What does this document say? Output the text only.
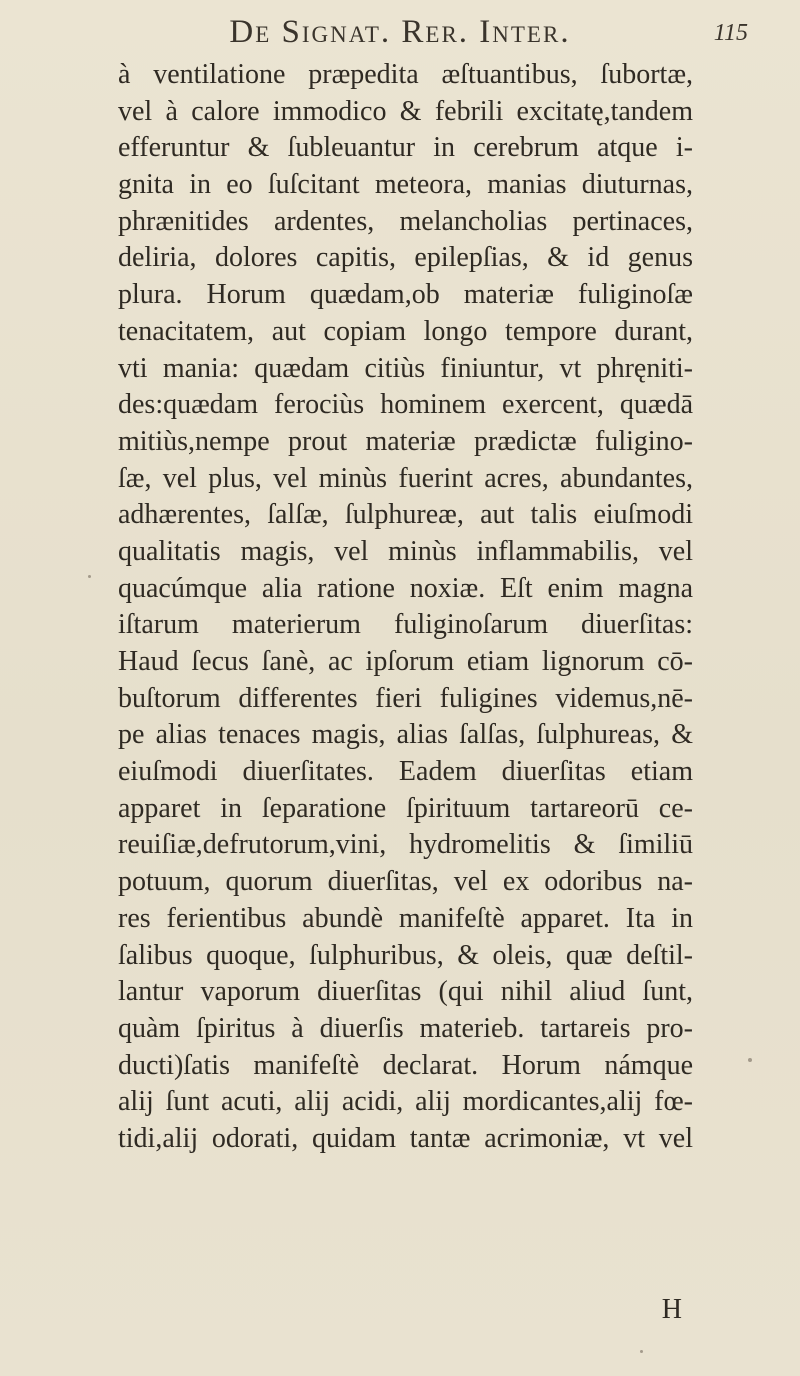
De Signat. Rer. Inter.	115
à ventilatione præpedita æſtuantibus, ſubortæ,
vel à calore immodico & febrili excitatę,tandem
efferuntur & ſubleuantur in cerebrum atque i-
gnita in eo ſuſcitant meteora, manias diuturnas,
phrænitides ardentes, melancholias pertinaces,
deliria, dolores capitis, epilepſias, & id genus
plura. Horum quædam,ob materiæ fuliginoſæ
tenacitatem, aut copiam longo tempore durant,
vti mania: quædam citiùs finiuntur, vt phręniti-
des:quædam ferociùs hominem exercent, quædā
mitiùs,nempe prout materiæ prædictæ fuligino-
ſæ, vel plus, vel minùs fuerint acres, abundantes,
adhærentes, ſalſæ, ſulphureæ, aut talis eiuſmodi
qualitatis magis, vel minùs inflammabilis, vel
quacúmque alia ratione noxiæ. Eſt enim magna
iſtarum materierum fuliginoſarum diuerſitas:
Haud ſecus ſanè, ac ipſorum etiam lignorum cō-
buſtorum differentes fieri fuligines videmus,nē-
pe alias tenaces magis, alias ſalſas, ſulphureas, &
eiuſmodi diuerſitates. Eadem diuerſitas etiam
apparet in ſeparatione ſpirituum tartareorū ce-
reuiſiæ,defrutorum,vini, hydromelitis & ſimiliū
potuum, quorum diuerſitas, vel ex odoribus na-
res ferientibus abundè manifeſtè apparet. Ita in
ſalibus quoque, ſulphuribus, & oleis, quæ deſtil-
lantur vaporum diuerſitas (qui nihil aliud ſunt,
quàm ſpiritus à diuerſis materieb. tartareis pro-
ducti)ſatis manifeſtè declarat. Horum námque
alij ſunt acuti, alij acidi, alij mordicantes,alij fœ-
tidi,alij odorati, quidam tantæ acrimoniæ, vt vel
H
